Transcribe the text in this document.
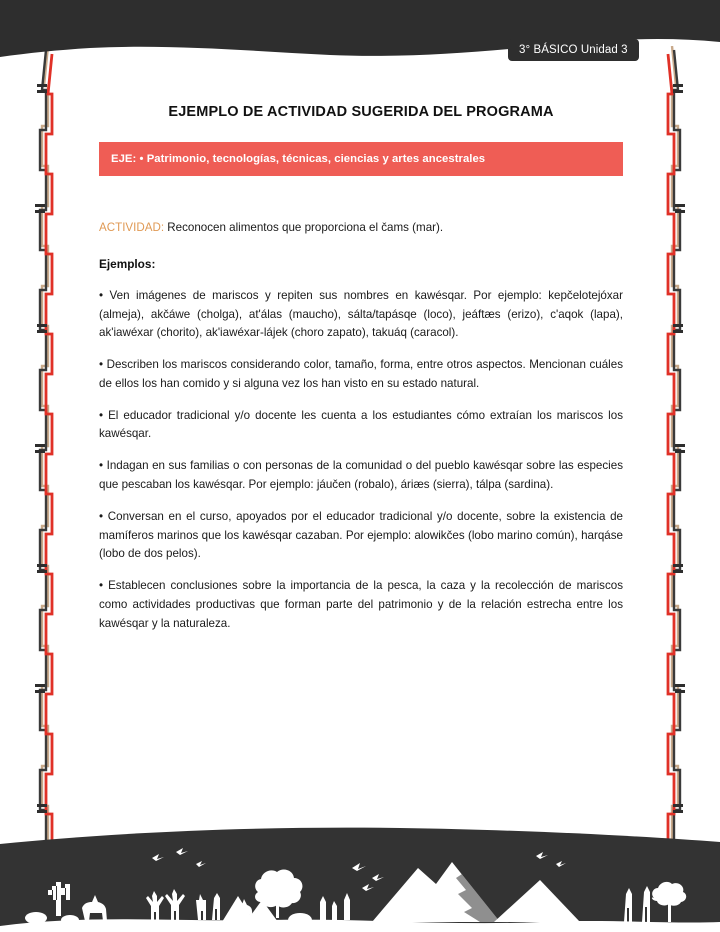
3° BÁSICO Unidad 3
EJEMPLO DE ACTIVIDAD SUGERIDA DEL PROGRAMA
EJE: • Patrimonio, tecnologías, técnicas, ciencias y artes ancestrales

ACTIVIDAD: Reconocen alimentos que proporciona el čams (mar).

Ejemplos:

• Ven imágenes de mariscos y repiten sus nombres en kawésqar. Por ejemplo: kepčelotejóxar (almeja), akčáwe (cholga), at'álas (maucho), sálta/tapásqe (loco), jeáftæs (erizo), c'aqok (lapa), ak'iawéxar (chorito), ak'iawéxar-lájek (choro zapato), takuáq (caracol).

• Describen los mariscos considerando color, tamaño, forma, entre otros aspectos. Mencionan cuáles de ellos los han comido y si alguna vez los han visto en su estado natural.

• El educador tradicional y/o docente les cuenta a los estudiantes cómo extraían los mariscos los kawésqar.

• Indagan en sus familias o con personas de la comunidad o del pueblo kawésqar sobre las especies que pescaban los kawésqar. Por ejemplo: jáučen (robalo), áriæs (sierra), tálpa (sardina).

• Conversan en el curso, apoyados por el educador tradicional y/o docente, sobre la existencia de mamíferos marinos que los kawésqar cazaban. Por ejemplo: alowikčes (lobo marino común), harqáse (lobo de dos pelos).

• Establecen conclusiones sobre la importancia de la pesca, la caza y la recolección de mariscos como actividades productivas que forman parte del patrimonio y de la relación estrecha entre los kawésqar y la naturaleza.
